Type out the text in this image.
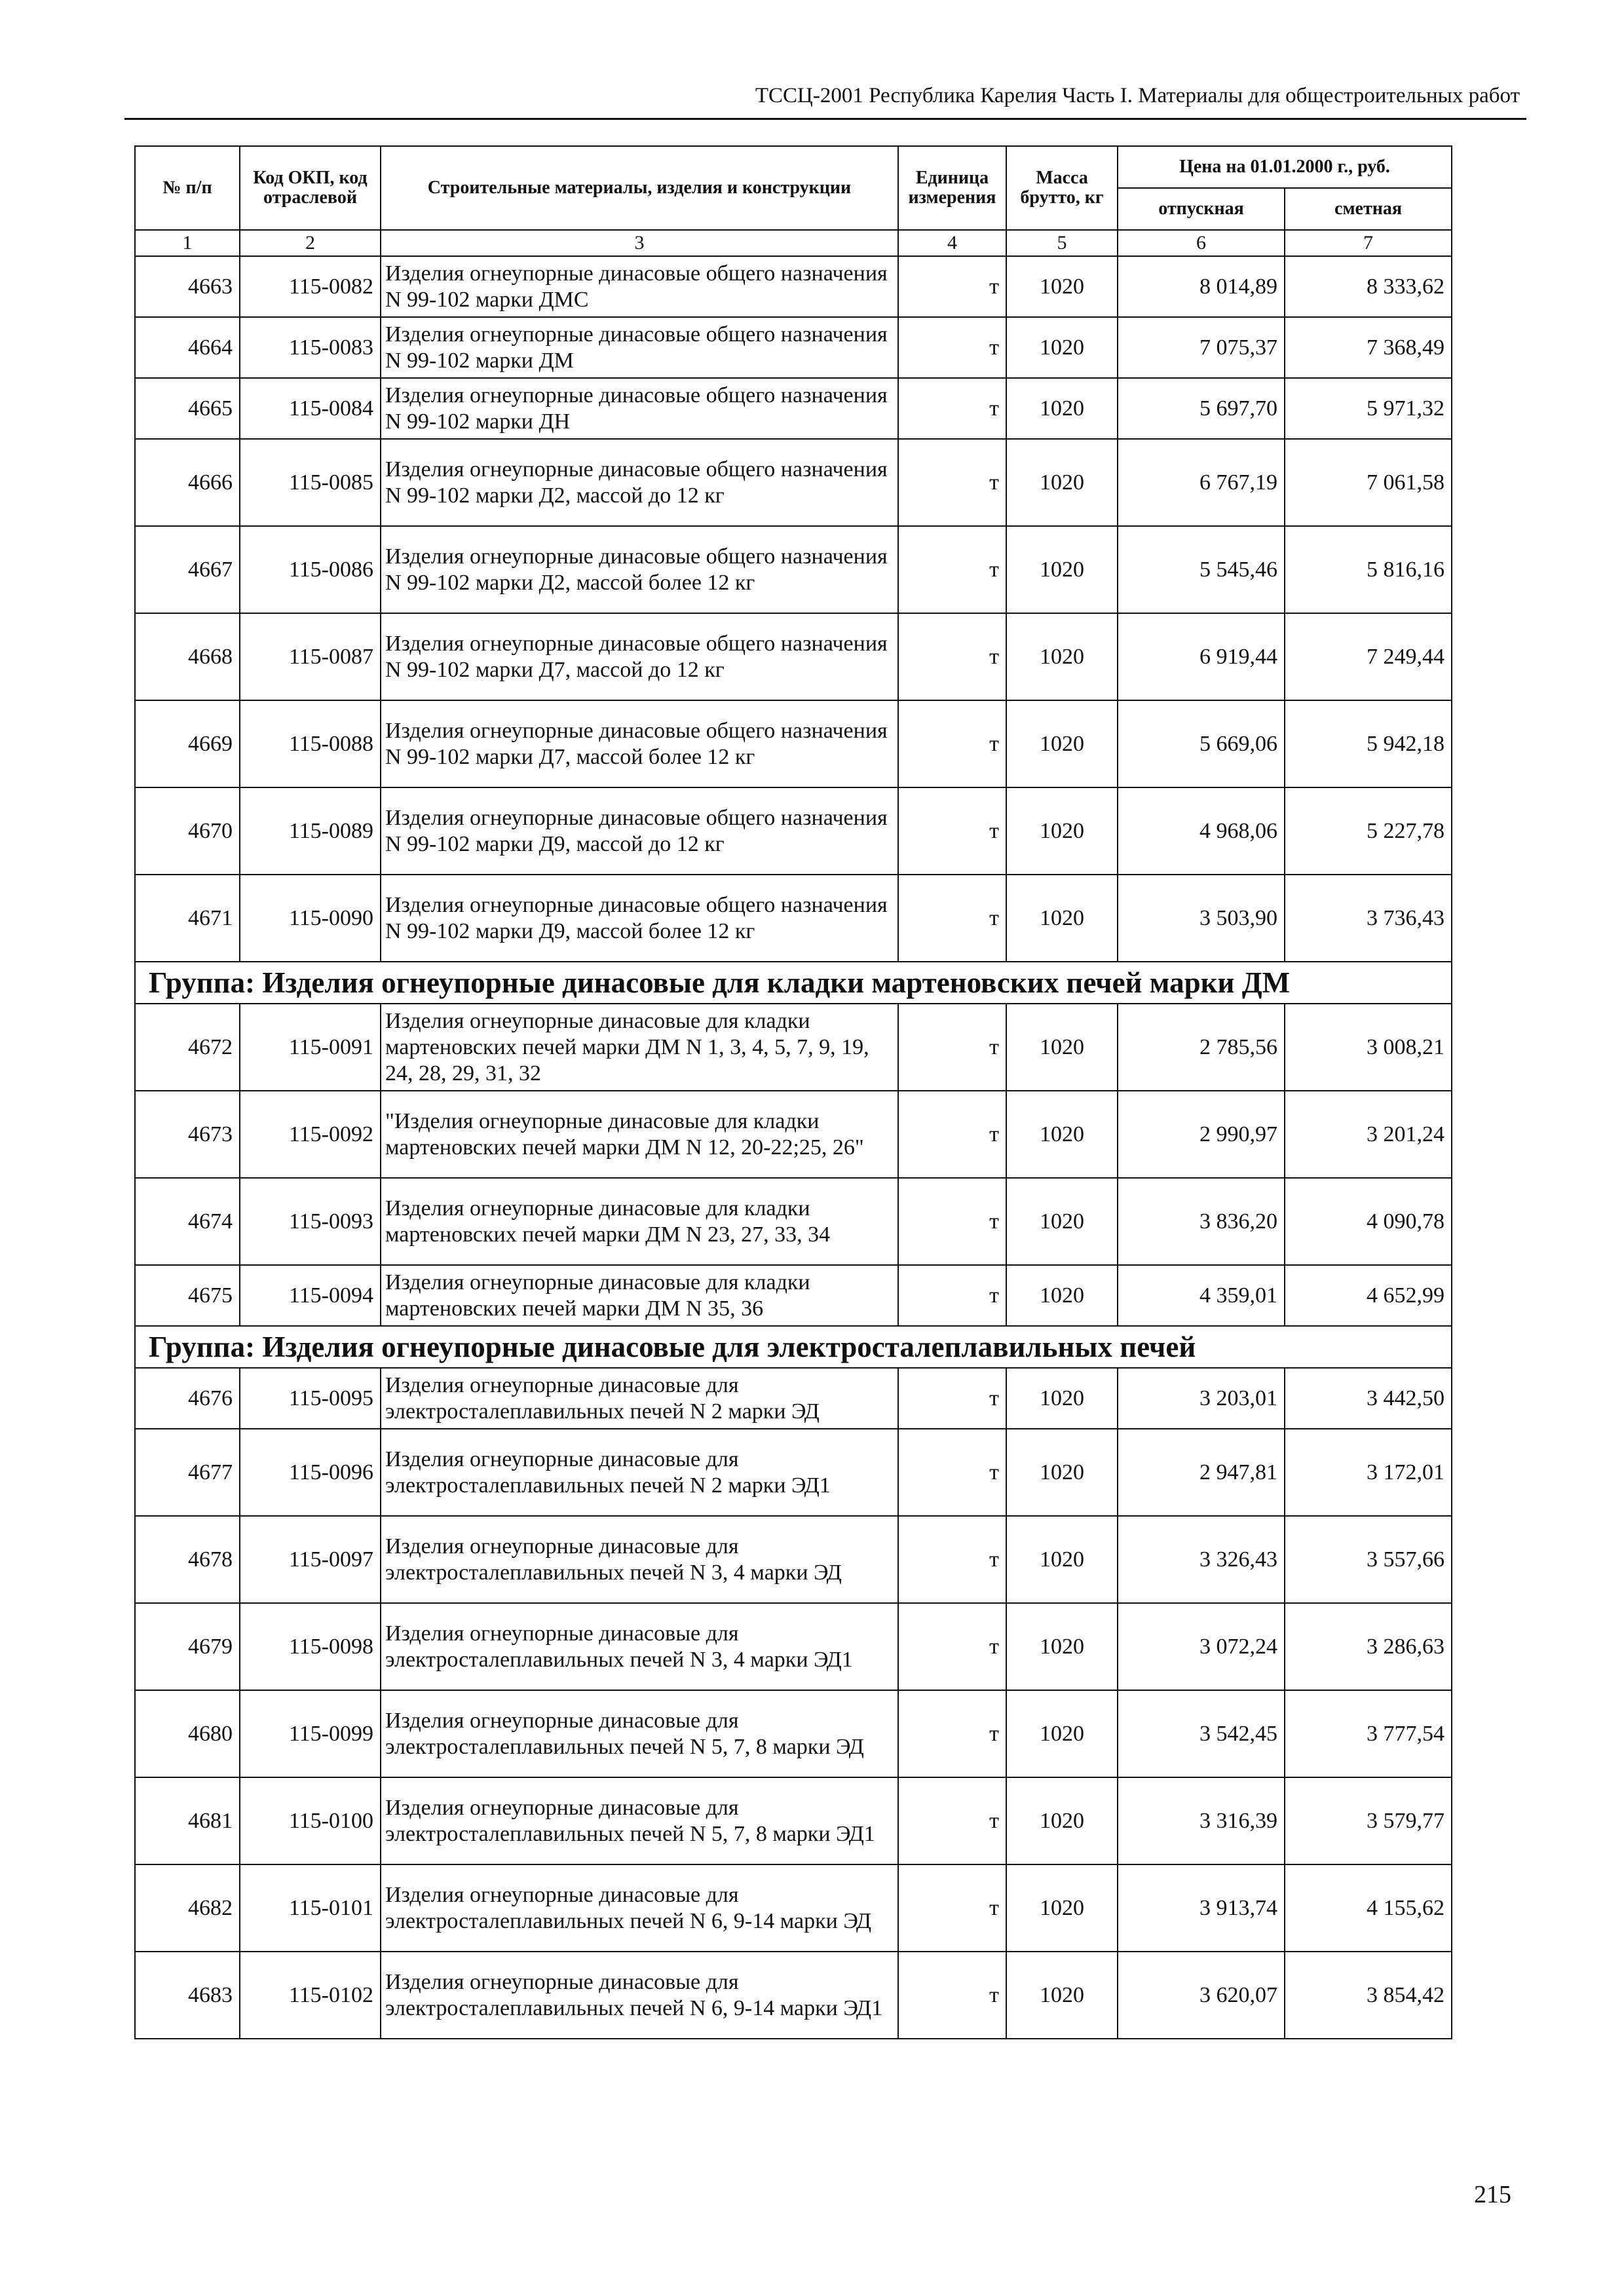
ТССЦ-2001 Республика Карелия Часть I. Материалы для общестроительных работ
№ п/п	Код ОКП, код отраслевой	Строительные материалы, изделия и конструкции	Единица измерения	Масса брутто, кг	Цена на 01.01.2000 г., руб.	
					отпускная	сметная
1	2	3	4	5	6	7
4663	115-0082	Изделия огнеупорные динасовые общего назначения N 99-102 марки ДМС	т	1020	8 014,89	8 333,62
4664	115-0083	Изделия огнеупорные динасовые общего назначения N 99-102 марки ДМ	т	1020	7 075,37	7 368,49
4665	115-0084	Изделия огнеупорные динасовые общего назначения N 99-102 марки ДН	т	1020	5 697,70	5 971,32
4666	115-0085	Изделия огнеупорные динасовые общего назначения N 99-102 марки Д2, массой до 12 кг	т	1020	6 767,19	7 061,58
4667	115-0086	Изделия огнеупорные динасовые общего назначения N 99-102 марки Д2, массой более 12 кг	т	1020	5 545,46	5 816,16
4668	115-0087	Изделия огнеупорные динасовые общего назначения N 99-102 марки Д7, массой до 12 кг	т	1020	6 919,44	7 249,44
4669	115-0088	Изделия огнеупорные динасовые общего назначения N 99-102 марки Д7, массой более 12 кг	т	1020	5 669,06	5 942,18
4670	115-0089	Изделия огнеупорные динасовые общего назначения N 99-102 марки Д9, массой до 12 кг	т	1020	4 968,06	5 227,78
4671	115-0090	Изделия огнеупорные динасовые общего назначения N 99-102 марки Д9, массой более 12 кг	т	1020	3 503,90	3 736,43
Группа: Изделия огнеупорные динасовые для кладки мартеновских печей марки ДМ						
4672	115-0091	Изделия огнеупорные динасовые для кладки мартеновских печей марки ДМ N 1, 3, 4, 5, 7, 9, 19, 24, 28, 29, 31, 32	т	1020	2 785,56	3 008,21
4673	115-0092	"Изделия огнеупорные динасовые для кладки мартеновских печей марки ДМ N 12, 20-22;25, 26"	т	1020	2 990,97	3 201,24
4674	115-0093	Изделия огнеупорные динасовые для кладки мартеновских печей марки ДМ N 23, 27, 33, 34	т	1020	3 836,20	4 090,78
4675	115-0094	Изделия огнеупорные динасовые для кладки мартеновских печей марки ДМ N 35, 36	т	1020	4 359,01	4 652,99
Группа: Изделия огнеупорные динасовые для электросталеплавильных печей						
4676	115-0095	Изделия огнеупорные динасовые для электросталеплавильных печей N 2 марки ЭД	т	1020	3 203,01	3 442,50
4677	115-0096	Изделия огнеупорные динасовые для электросталеплавильных печей N 2 марки ЭД1	т	1020	2 947,81	3 172,01
4678	115-0097	Изделия огнеупорные динасовые для электросталеплавильных печей N 3, 4 марки ЭД	т	1020	3 326,43	3 557,66
4679	115-0098	Изделия огнеупорные динасовые для электросталеплавильных печей N 3, 4 марки ЭД1	т	1020	3 072,24	3 286,63
4680	115-0099	Изделия огнеупорные динасовые для электросталеплавильных печей N 5, 7, 8 марки ЭД	т	1020	3 542,45	3 777,54
4681	115-0100	Изделия огнеупорные динасовые для электросталеплавильных печей N 5, 7, 8 марки ЭД1	т	1020	3 316,39	3 579,77
4682	115-0101	Изделия огнеупорные динасовые для электросталеплавильных печей N 6, 9-14 марки ЭД	т	1020	3 913,74	4 155,62
4683	115-0102	Изделия огнеупорные динасовые для электросталеплавильных печей N 6, 9-14 марки ЭД1	т	1020	3 620,07	3 854,42
215
